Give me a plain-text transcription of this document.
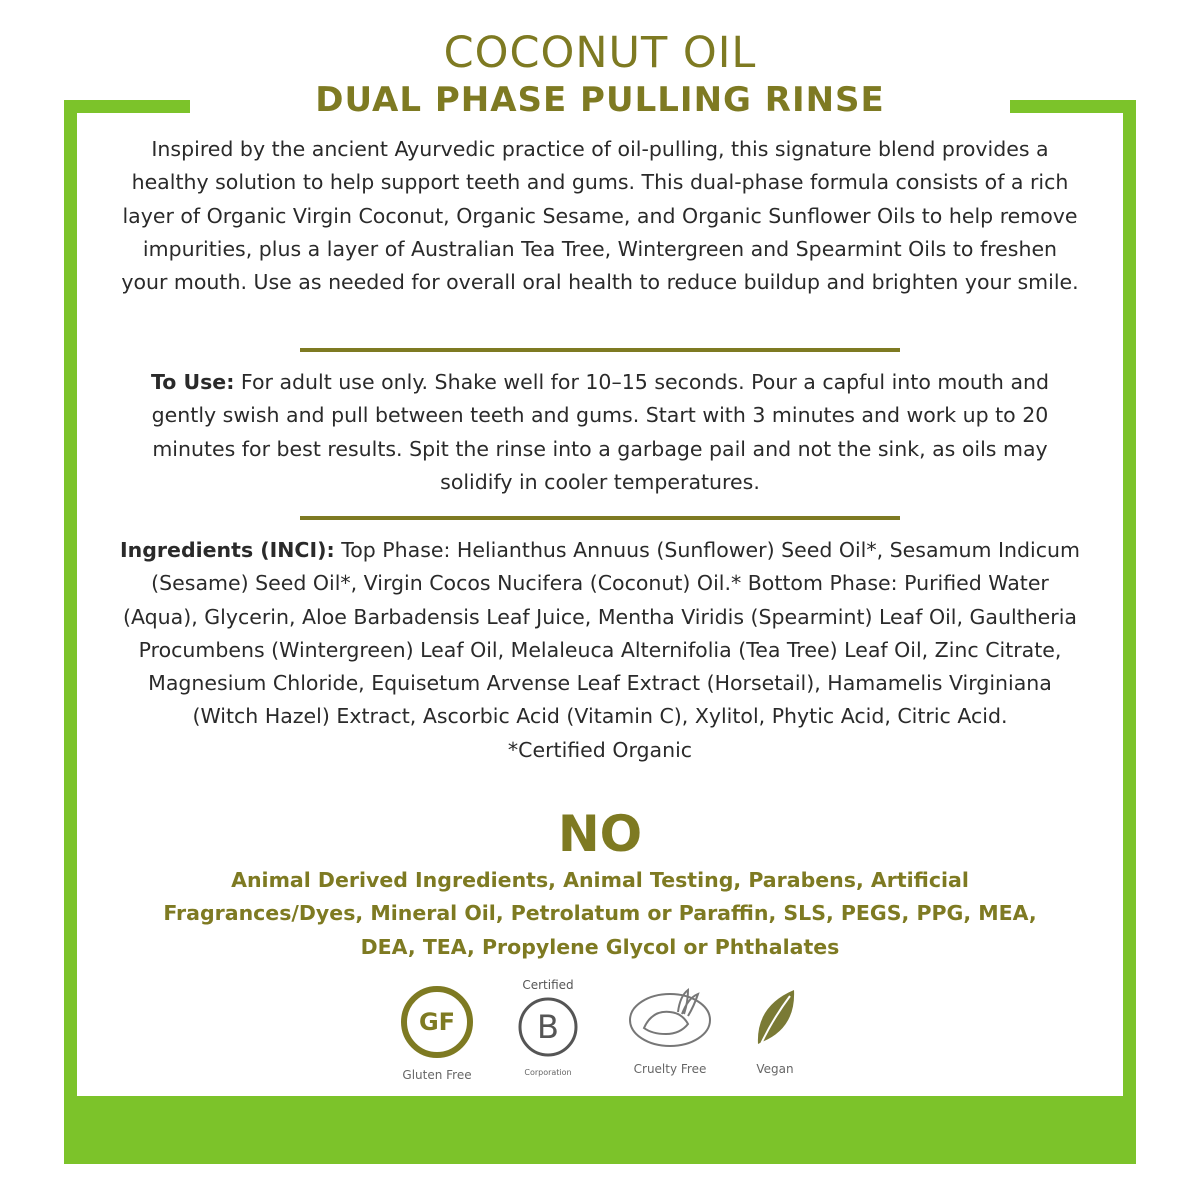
COCONUT OIL
DUAL PHASE PULLING RINSE
Inspired by the ancient Ayurvedic practice of oil-pulling, this signature blend provides a healthy solution to help support teeth and gums. This dual-phase formula consists of a rich layer of Organic Virgin Coconut, Organic Sesame, and Organic Sunflower Oils to help remove impurities, plus a layer of Australian Tea Tree, Wintergreen and Spearmint Oils to freshen your mouth. Use as needed for overall oral health to reduce buildup and brighten your smile.
To Use: For adult use only. Shake well for 10–15 seconds. Pour a capful into mouth and gently swish and pull between teeth and gums. Start with 3 minutes and work up to 20 minutes for best results. Spit the rinse into a garbage pail and not the sink, as oils may solidify in cooler temperatures.
Ingredients (INCI): Top Phase: Helianthus Annuus (Sunflower) Seed Oil*, Sesamum Indicum (Sesame) Seed Oil*, Virgin Cocos Nucifera (Coconut) Oil.* Bottom Phase: Purified Water (Aqua), Glycerin, Aloe Barbadensis Leaf Juice, Mentha Viridis (Spearmint) Leaf Oil, Gaultheria Procumbens (Wintergreen) Leaf Oil, Melaleuca Alternifolia (Tea Tree) Leaf Oil, Zinc Citrate, Magnesium Chloride, Equisetum Arvense Leaf Extract (Horsetail), Hamamelis Virginiana (Witch Hazel) Extract, Ascorbic Acid (Vitamin C), Xylitol, Phytic Acid, Citric Acid.
*Certified Organic
NO
Animal Derived Ingredients, Animal Testing, Parabens, Artificial Fragrances/Dyes, Mineral Oil, Petrolatum or Paraffin, SLS, PEGS, PPG, MEA, DEA, TEA, Propylene Glycol or Phthalates
GF
Gluten Free
Certified
B
Corporation	Cruelty Free	Vegan
